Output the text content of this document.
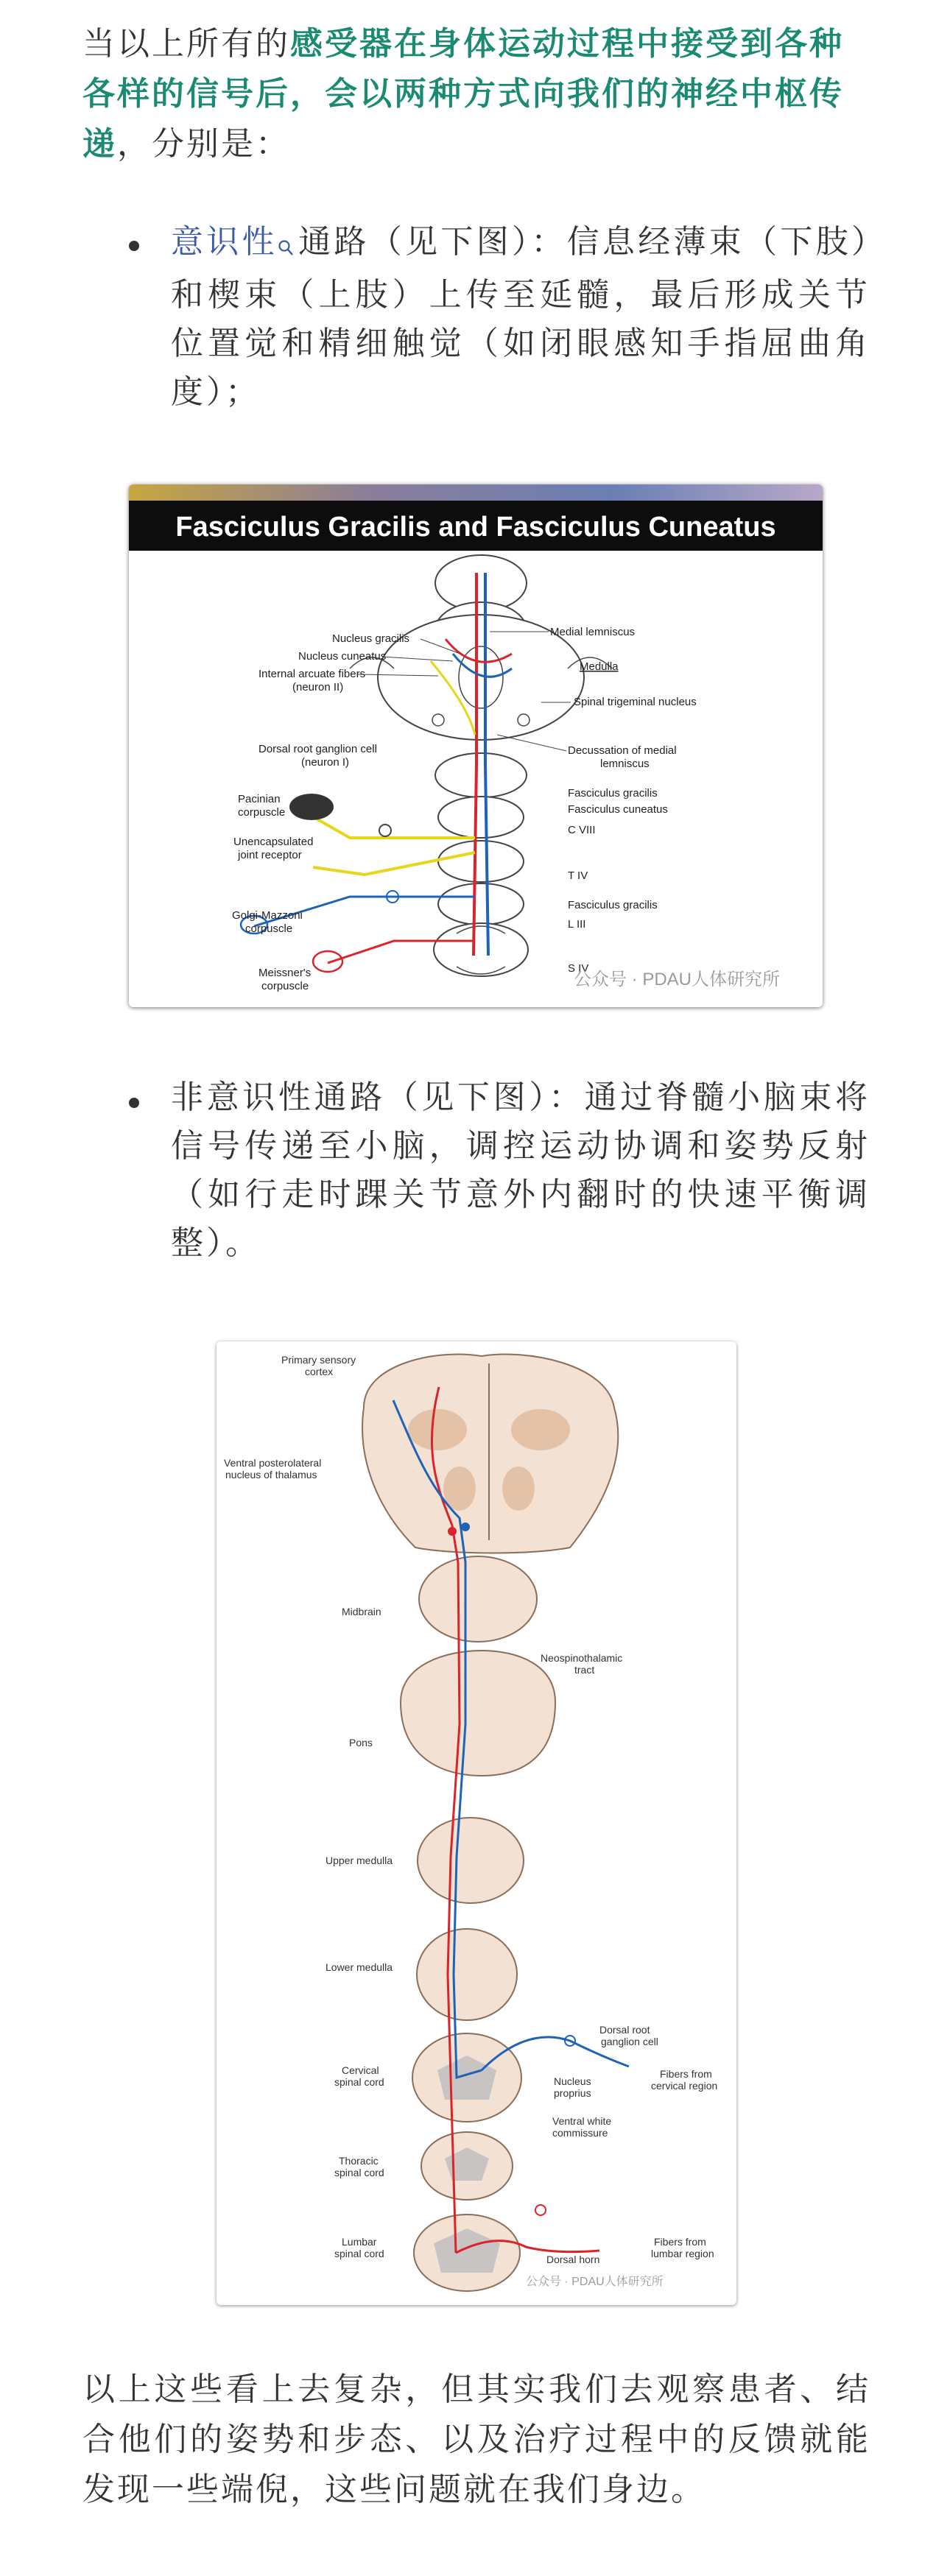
当以上所有的感受器在身体运动过程中接受到各种各样的信号后，会以两种方式向我们的神经中枢传递，分别是：
意识性 通路（见下图）：信息经薄束（下肢）和楔束（上肢）上传至延髓，最后形成关节位置觉和精细触觉（如闭眼感知手指屈曲角度）；
Fasciculus Gracilis and Fasciculus Cuneatus
Nucleus gracilis
Nucleus cuneatus
Internal arcuate fibers
(neuron II)
Dorsal root ganglion cell
(neuron I)
Pacinian
corpuscle
Unencapsulated
joint receptor
Golgi-Mazzoni
corpuscle
Meissner's
corpuscle
Medial lemniscus
Medulla
Spinal trigeminal nucleus
Decussation of medial
lemniscus
Fasciculus gracilis
Fasciculus cuneatus
C VIII
T IV
Fasciculus gracilis
L III
S IV
公众号 · PDAU人体研究所
非意识性通路（见下图）：通过脊髓小脑束将信号传递至小脑，调控运动协调和姿势反射（如行走时踝关节意外内翻时的快速平衡调整）。
Primary sensory
cortex
Ventral posterolateral
nucleus of thalamus
Midbrain
Neospinothalamic
tract
Pons
Upper medulla
Lower medulla
Dorsal root
ganglion cell
Cervical
spinal cord	Nucleus
proprius
Fibers from
cervical region
Ventral white
commissure
Thoracic
spinal cord
Lumbar
spinal cord	Dorsal horn
Fibers from
lumbar region
公众号 · PDAU人体研究所
以上这些看上去复杂，但其实我们去观察患者、结合他们的姿势和步态、以及治疗过程中的反馈就能发现一些端倪，这些问题就在我们身边。
